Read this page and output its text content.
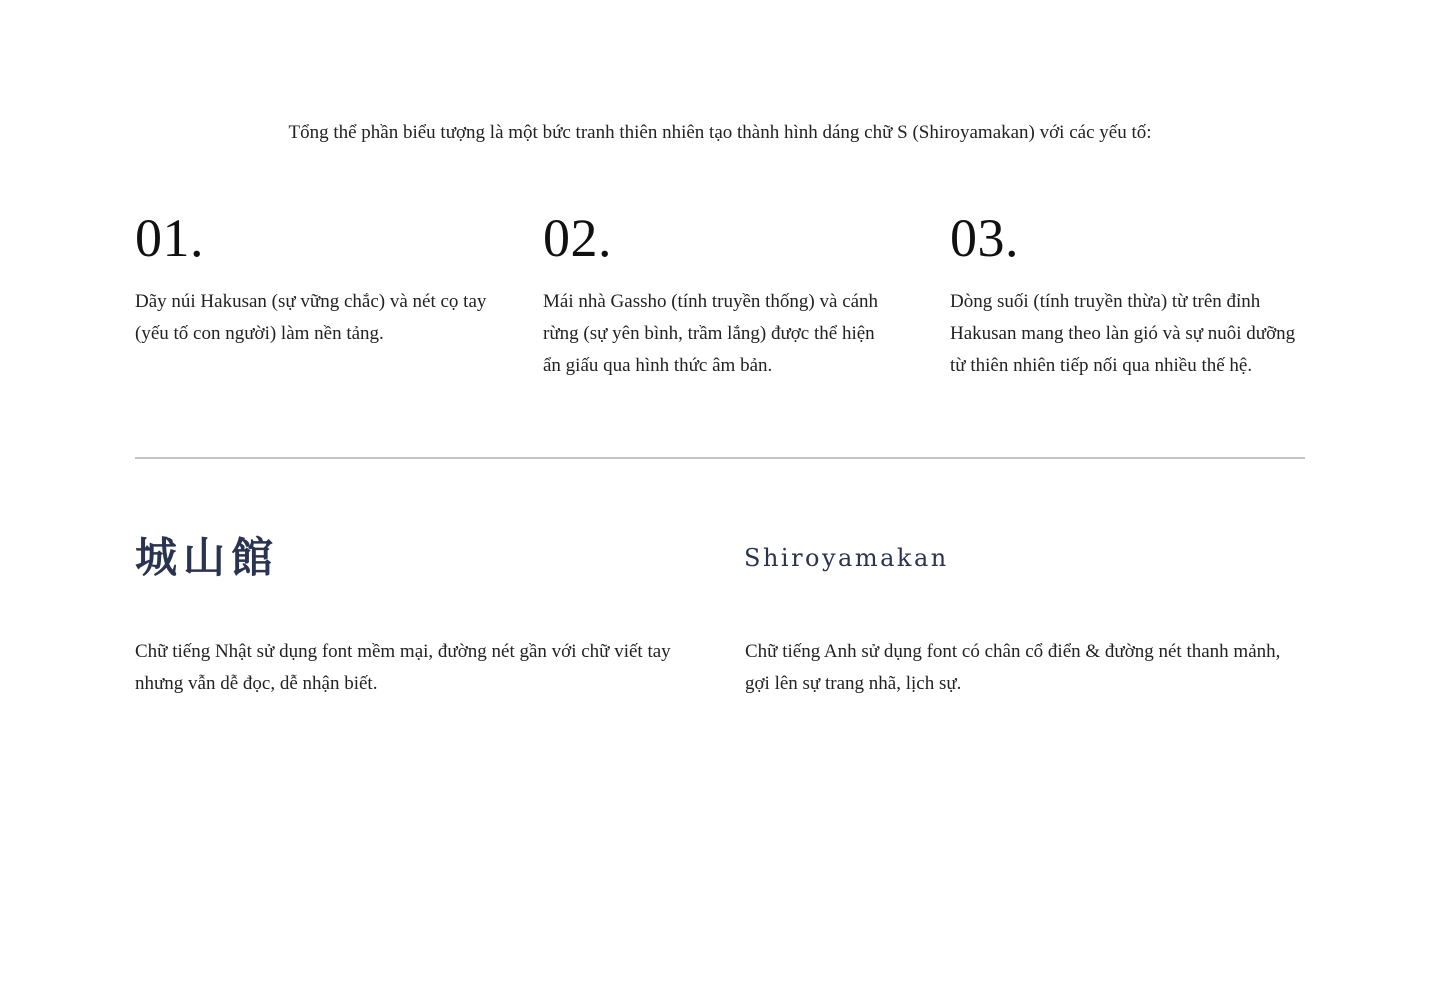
Tổng thể phần biểu tượng là một bức tranh thiên nhiên tạo thành hình dáng chữ S (Shiroyamakan) với các yếu tố:

01.
Dãy núi Hakusan (sự vững chắc) và nét cọ tay (yếu tố con người) làm nền tảng.
02.
Mái nhà Gassho (tính truyền thống) và cánh rừng (sự yên bình, trầm lắng) được thể hiện ẩn giấu qua hình thức âm bản.
03.
Dòng suối (tính truyền thừa) từ trên đỉnh Hakusan mang theo làn gió và sự nuôi dưỡng từ thiên nhiên tiếp nối qua nhiều thế hệ.
城山館	Shiroyamakan

Chữ tiếng Nhật sử dụng font mềm mại, đường nét gần với chữ viết tay nhưng vẫn dễ đọc, dễ nhận biết.

Chữ tiếng Anh sử dụng font có chân cổ điển & đường nét thanh mảnh, gợi lên sự trang nhã, lịch sự.
